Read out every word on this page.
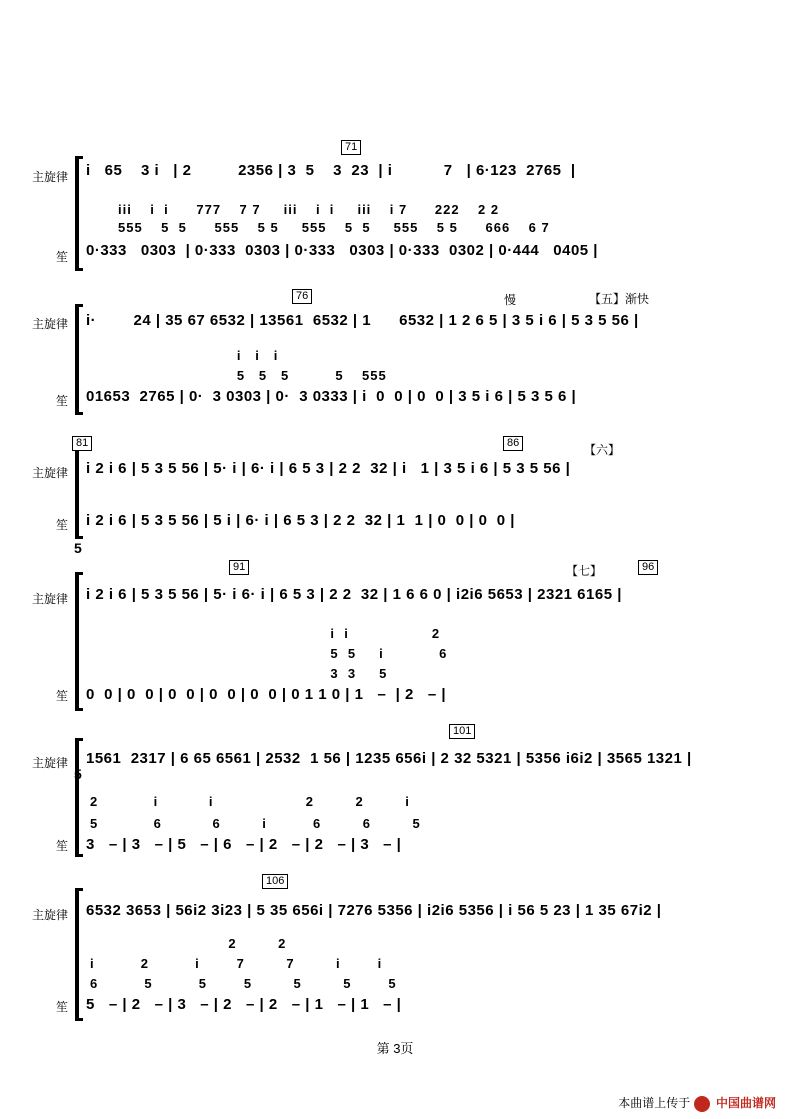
主旋律
笙
71
i   65    3 i   | 2          2356 | 3  5    3  23  | i           7   | 6·123  2765  |
iii    i  i      777    7 7     iii    i  i     iii    i 7      222    2 2
555    5  5      555    5 5     555    5  5     555    5 5      666    6 7
0·333   0303  | 0·333  0303 | 0·333   0303 | 0·333  0302 | 0·444   0405 |
主旋律
笙
76	慢	【五】渐快
i·        24 | 35 67 6532 | 13561  6532 | 1      6532 | 1 2 6 5 | 3 5 i 6 | 5 3 5 56 |
i   i   i
5   5   5          5    555
01653  2765 | 0·  3 0303 | 0·  3 0333 | i  0  0 | 0  0 | 3 5 i 6 | 5 3 5 6 |
主旋律
笙
81	86	【六】
i 2 i 6 | 5 3 5 56 | 5· i | 6· i | 6 5 3 | 2 2  32 | i   1 | 3 5 i 6 | 5 3 5 56 |
i 2 i 6 | 5 3 5 56 | 5 i | 6· i | 6 5 3 | 2 2  32 | 1  1 | 0  0 | 0  0 |
5
主旋律
笙
91	96
【七】
i 2 i 6 | 5 3 5 56 | 5· i 6· i | 6 5 3 | 2 2  32 | 1 6 6 0 | i2i6 5653 | 2321 6165 |
i  i                  2
5  5     i            6
3  3     5
0  0 | 0  0 | 0  0 | 0  0 | 0  0 | 0 1 1 0 | 1   –  | 2   – |
主旋律
笙
101
5
1561  2317 | 6 65 6561 | 2532  1 56 | 1235 656i | 2 32 5321 | 5356 i6i2 | 3565 1321 |
2            i           i                    2         2         i
5            6           6         i          6         6         5
3   – | 3   – | 5   – | 6   – | 2   – | 2   – | 3   – |
主旋律
笙
106
6532 3653 | 56i2 3i23 | 5 35 656i | 7276 5356 | i2i6 5356 | i 56 5 23 | 1 35 67i2 |
2         2
i          2          i        7         7         i        i
6          5          5        5         5         5        5
5   – | 2   – | 3   – | 2   – | 2   – | 1   – | 1   – |
第 3页
本曲谱上传于 中国曲谱网
